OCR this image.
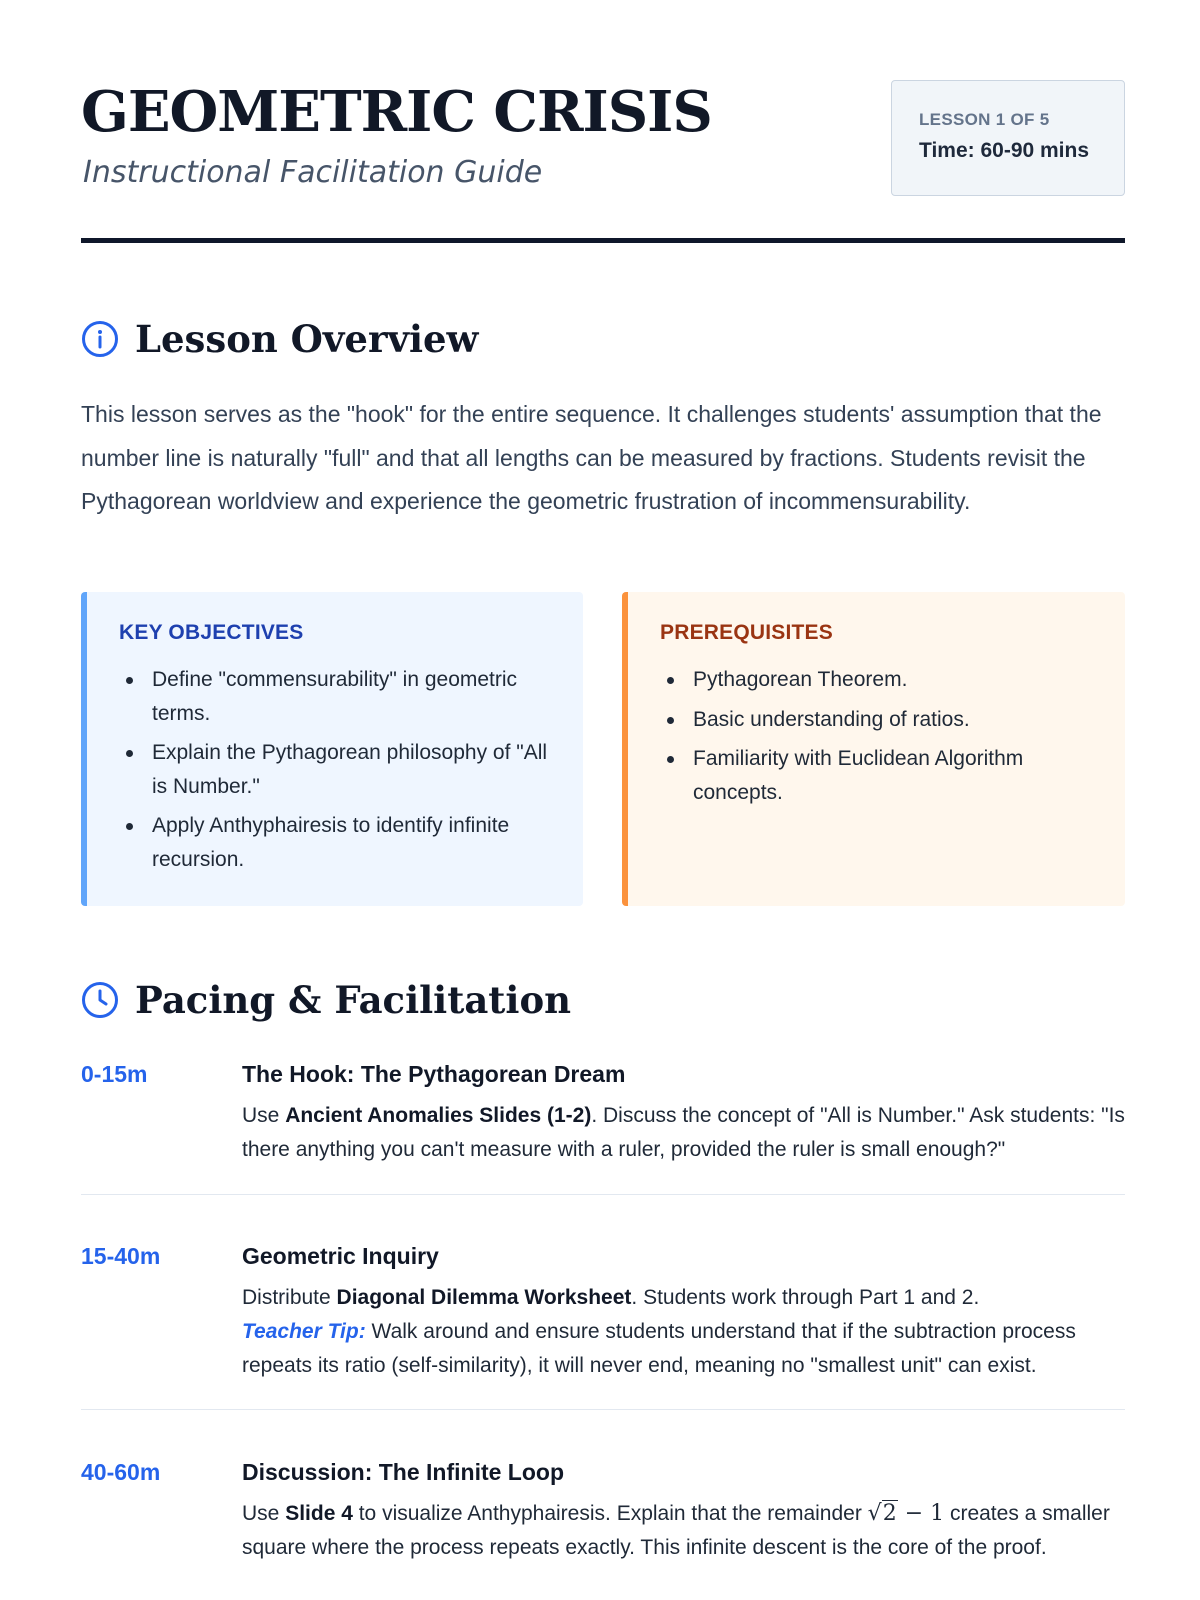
GEOMETRIC CRISIS
Instructional Facilitation Guide
LESSON 1 OF 5
Time: 60-90 mins
Lesson Overview

This lesson serves as the "hook" for the entire sequence. It challenges students' assumption that the number line is naturally "full" and that all lengths can be measured by fractions. Students revisit the Pythagorean worldview and experience the geometric frustration of incommensurability.

KEY OBJECTIVES
Define "commensurability" in geometric terms.
Explain the Pythagorean philosophy of "All is Number."
Apply Anthyphairesis to identify infinite recursion.
PREREQUISITES
Pythagorean Theorem.
Basic understanding of ratios.
Familiarity with Euclidean Algorithm concepts.
Pacing & Facilitation
0-15m	The Hook: The Pythagorean Dream
Use Ancient Anomalies Slides (1-2). Discuss the concept of "All is Number." Ask students: "Is there anything you can't measure with a ruler, provided the ruler is small enough?"
15-40m	Geometric Inquiry
Distribute Diagonal Dilemma Worksheet. Students work through Part 1 and 2.
Teacher Tip: Walk around and ensure students understand that if the subtraction process repeats its ratio (self-similarity), it will never end, meaning no "smallest unit" can exist.
40-60m	Discussion: The Infinite Loop
Use Slide 4 to visualize Anthyphairesis. Explain that the remainder √2 − 1 creates a smaller square where the process repeats exactly. This infinite descent is the core of the proof.
